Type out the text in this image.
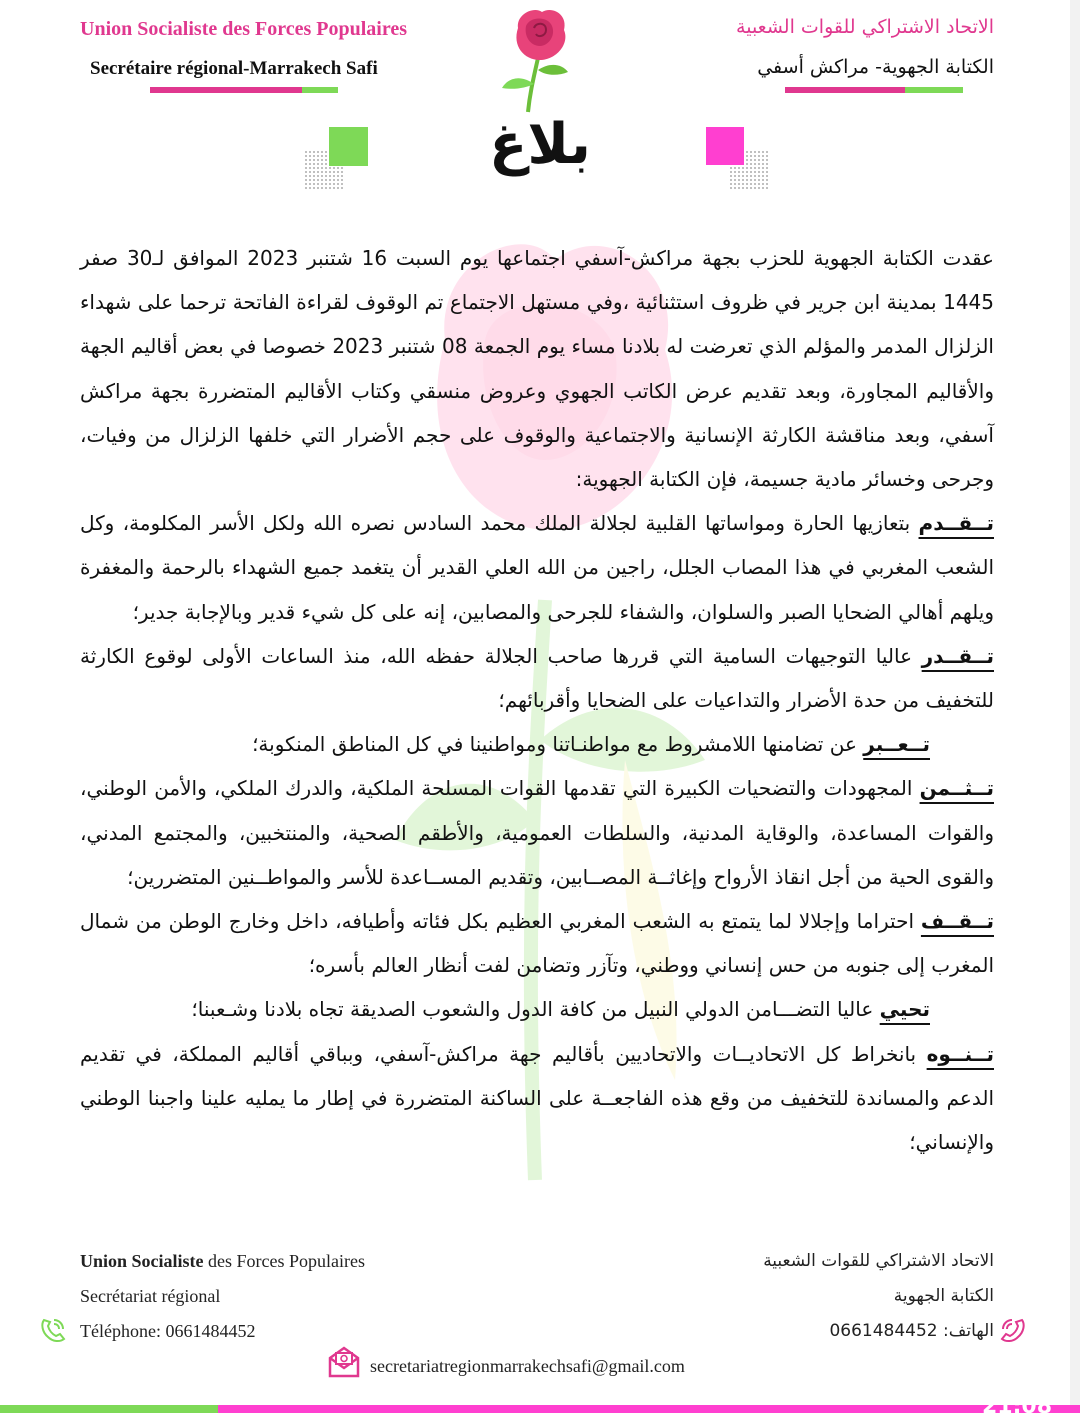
Union Socialiste des Forces Populaires
Secrétaire régional-Marrakech Safi
الاتحاد الاشتراكي للقوات الشعبية
الكتابة الجهوية- مراكش أسفي
بلاغ

عقدت الكتابة الجهوية للحزب بجهة مراكش-آسفي اجتماعها يوم السبت 16 شتنبر 2023 الموافق لـ30 صفر 1445 بمدينة ابن جرير في ظروف استثنائية ،وفي مستهل الاجتماع تم الوقوف لقراءة الفاتحة ترحما على شهداء الزلزال المدمر والمؤلم الذي تعرضت له بلادنا مساء يوم الجمعة 08 شتنبر 2023 خصوصا في بعض أقاليم الجهة والأقاليم المجاورة، وبعد تقديم عرض الكاتب الجهوي وعروض منسقي وكتاب الأقاليم المتضررة بجهة مراكش آسفي، وبعد مناقشة الكارثة الإنسانية والاجتماعية والوقوف على حجم الأضرار التي خلفها الزلزال من وفيات، وجرحى وخسائر مادية جسيمة، فإن الكتابة الجهوية:

تــقــدم بتعازيها الحارة ومواساتها القلبية لجلالة الملك محمد السادس نصره الله ولكل الأسر المكلومة، وكل الشعب المغربي في هذا المصاب الجلل، راجين من الله العلي القدير أن يتغمد جميع الشهداء بالرحمة والمغفرة ويلهم أهالي الضحايا الصبر والسلوان، والشفاء للجرحى والمصابين، إنه على كل شيء قدير وبالإجابة جدير؛

تــقــدر عاليا التوجيهات السامية التي قررها صاحب الجلالة حفظه الله، منذ الساعات الأولى لوقوع الكارثة للتخفيف من حدة الأضرار والتداعيات على الضحايا وأقربائهم؛

تــعــبر عن تضامنها اللامشروط مع مواطنـاتنا ومواطنينا في كل المناطق المنكوبة؛

تــثــمن المجهودات والتضحيات الكبيرة التي تقدمها القوات المسلحة الملكية، والدرك الملكي، والأمن الوطني، والقوات المساعدة، والوقاية المدنية، والسلطات العمومية، والأطقم الصحية، والمنتخبين، والمجتمع المدني، والقوى الحية من أجل انقاذ الأرواح وإغاثــة المصــابين، وتقديم المســاعدة للأسر والمواطــنين المتضررين؛

تــقــف احتراما وإجلالا لما يتمتع به الشعب المغربي العظيم بكل فئاته وأطيافه، داخل وخارج الوطن من شمال المغرب إلى جنوبه من حس إنساني ووطني، وتآزر وتضامن لفت أنظار العالم بأسره؛

تحيي عاليا التضـــامن الدولي النبيل من كافة الدول والشعوب الصديقة تجاه بلادنا وشـعبنا؛

تــنــوه بانخراط كل الاتحاديــات والاتحاديين بأقاليم جهة مراكش-آسفي، وبباقي أقاليم المملكة، في تقديم الدعم والمساندة للتخفيف من وقع هذه الفاجعــة على الساكنة المتضررة في إطار ما يمليه علينا واجبنا الوطني والإنساني؛

Union Socialiste des Forces Populaires
Secrétariat régional
Téléphone: 0661484452
الاتحاد الاشتراكي للقوات الشعبية
الكتابة الجهوية
الهاتف: 0661484452
secretariatregionmarrakechsafi@gmail.com
21:08
